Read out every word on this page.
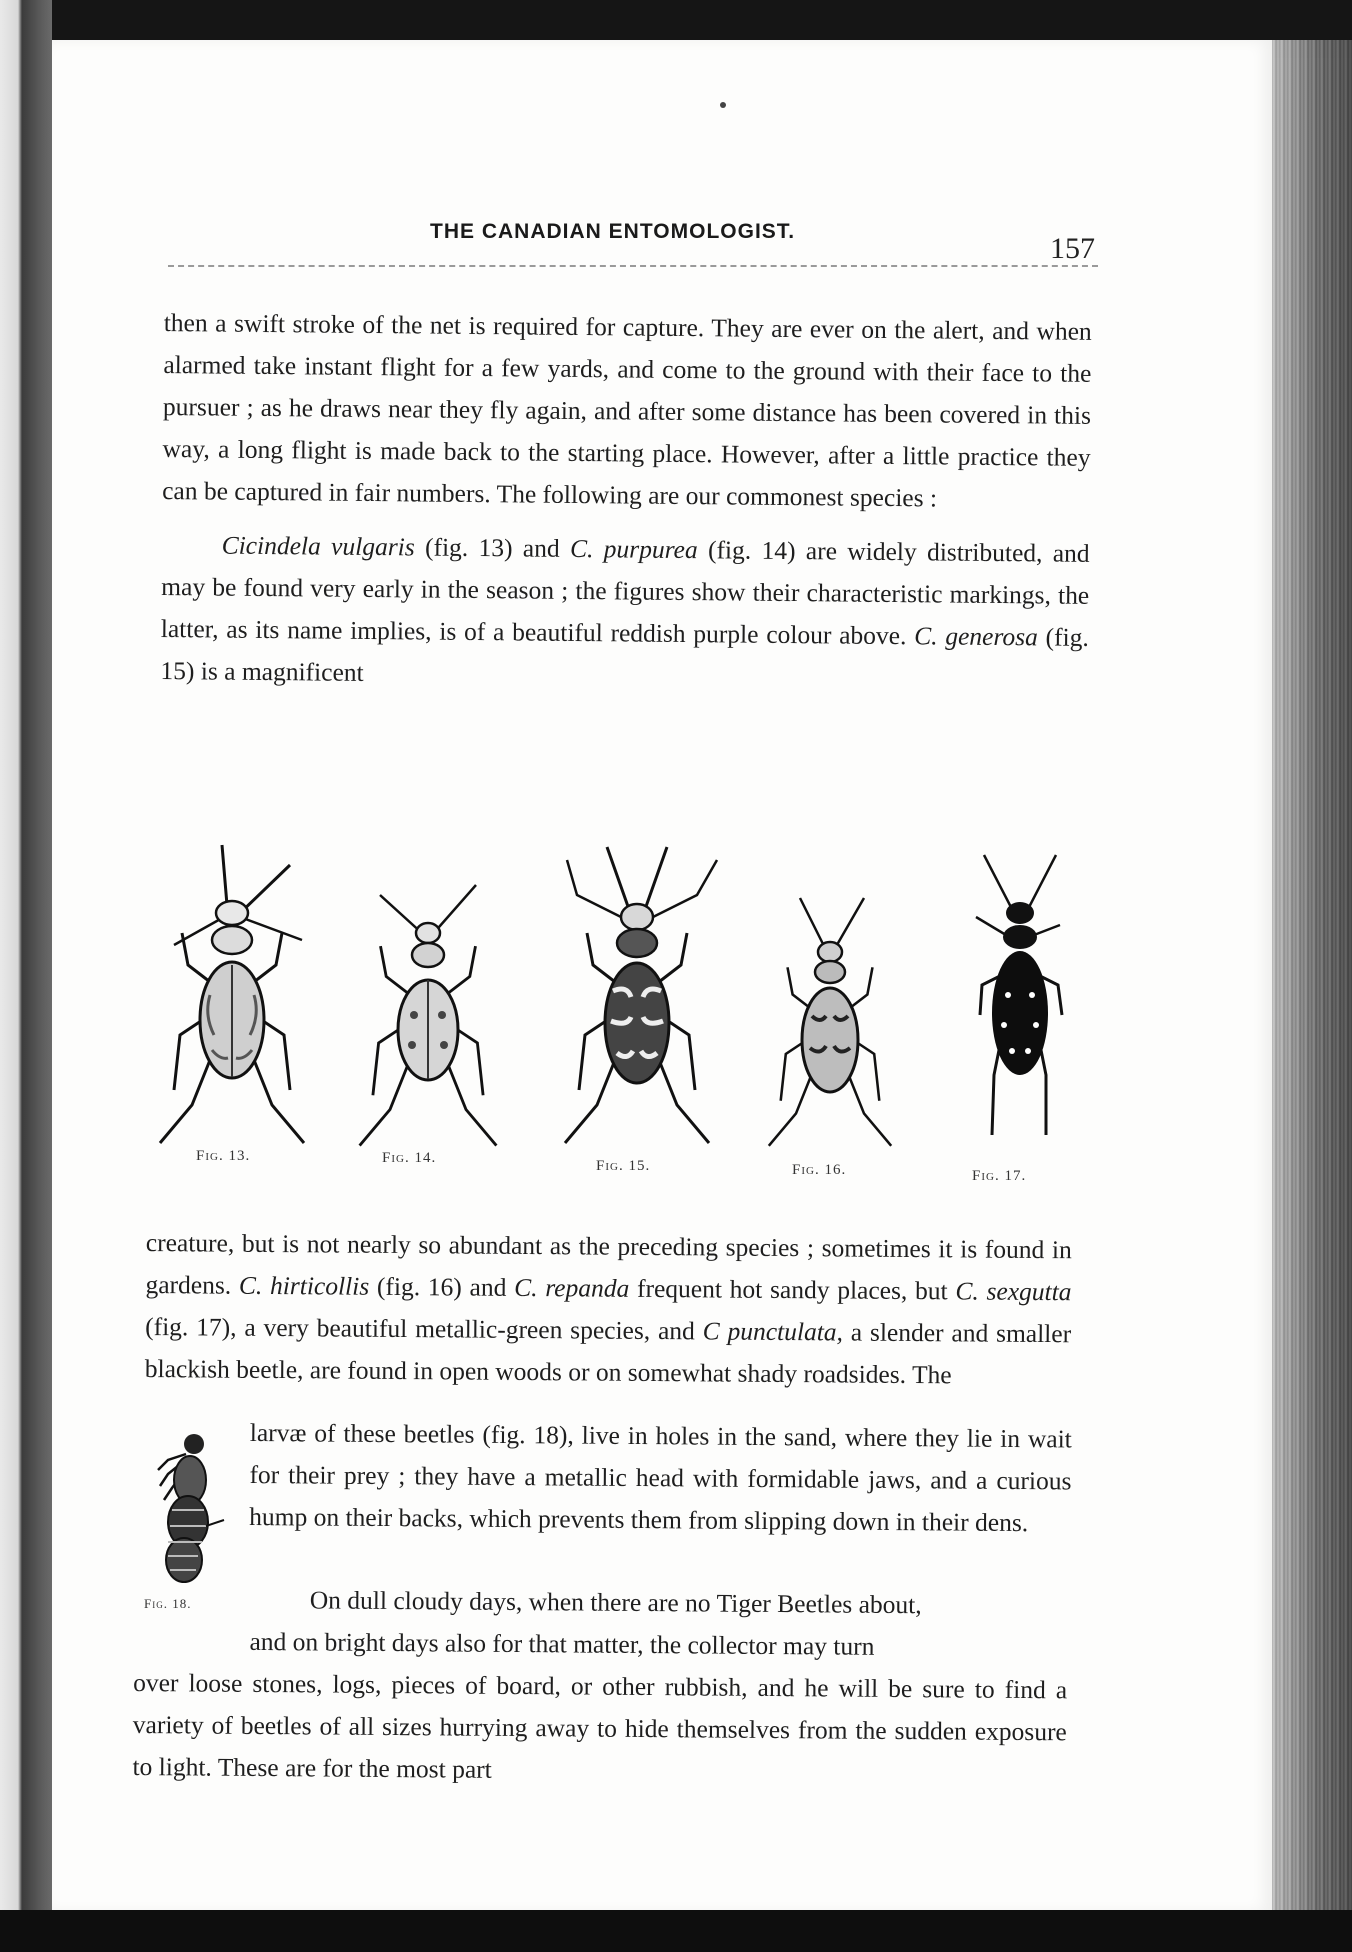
THE CANADIAN ENTOMOLOGIST.
157

then a swift stroke of the net is required for capture. They are ever on the alert, and when alarmed take instant flight for a few yards, and come to the ground with their face to the pursuer ; as he draws near they fly again, and after some distance has been covered in this way, a long flight is made back to the starting place. However, after a little practice they can be captured in fair numbers. The following are our commonest species :

Cicindela vulgaris (fig. 13) and C. purpurea (fig. 14) are widely distributed, and may be found very early in the season ; the figures show their characteristic markings, the latter, as its name implies, is of a beautiful reddish purple colour above. C. generosa (fig. 15) is a magnificent

Fig. 13.	Fig. 14.	Fig. 15.	Fig. 16.	Fig. 17.

creature, but is not nearly so abundant as the preceding species ; sometimes it is found in gardens. C. hirticollis (fig. 16) and C. repanda frequent hot sandy places, but C. sexgutta (fig. 17), a very beautiful metallic-green species, and C punctulata, a slender and smaller blackish beetle, are found in open woods or on somewhat shady roadsides. The

Fig. 18.

larvæ of these beetles (fig. 18), live in holes in the sand, where they lie in wait for their prey ; they have a metallic head with formidable jaws, and a curious hump on their backs, which prevents them from slipping down in their dens.

On dull cloudy days, when there are no Tiger Beetles about,

and on bright days also for that matter, the collector may turn

over loose stones, logs, pieces of board, or other rubbish, and he will be sure to find a variety of beetles of all sizes hurrying away to hide themselves from the sudden exposure to light. These are for the most part
